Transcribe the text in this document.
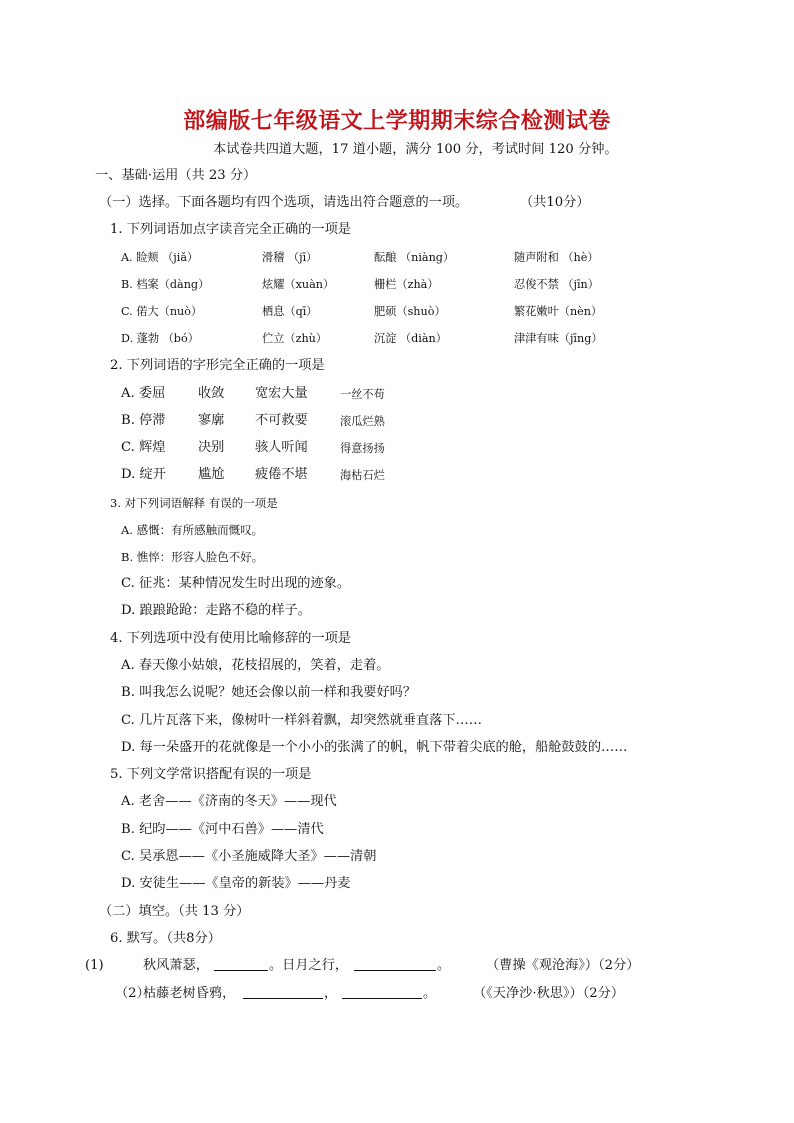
部编版七年级语文上学期期末综合检测试卷
本试卷共四道大题，17 道小题，满分 100 分，考试时间 120 分钟。
一、基础·运用（共 23 分）
（一）选择。下面各题均有四个选项，请选出符合题意的一项。	（共10分）
1. 下列词语加点字读音完全正确的一项是
A. 睑颊 （jiǎ）	滑稽 （jī）	酝酿 （niàng）	随声附和 （hè）
B. 档案（dàng）	炫耀（xuàn）	栅栏（zhà）	忍俊不禁 （jīn）
C. 偌大（nuò）	栖息（qī）	肥硕（shuò）	繁花嫩叶（nèn）
D. 蓬勃 （bó）	伫立（zhù）	沉淀 （diàn）	津津有味（jīng）
2. 下列词语的字形完全正确的一项是
A. 委屈 收敛 宽宏大量	一丝不苟
B. 停滞 寥廓 不可救要	滚瓜烂熟
C. 辉煌 决别 骇人听闻	得意扬扬
D. 绽开 尴尬 疲倦不堪	海枯石烂
3. 对下列词语解释 有误的一项是
A. 感慨：有所感触而慨叹。
B. 憔悴：形容人脸色不好。
C. 征兆：某种情况发生时出现的迹象。
D. 踉踉跄跄：走路不稳的样子。
4. 下列选项中没有使用比喻修辞的一项是
A. 春天像小姑娘，花枝招展的，笑着，走着。
B. 叫我怎么说呢？她还会像以前一样和我要好吗？
C. 几片瓦落下来，像树叶一样斜着飘，却突然就垂直落下……
D. 每一朵盛开的花就像是一个小小的张满了的帆，帆下带着尖底的舱，船舱鼓鼓的……
5. 下列文学常识搭配有误的一项是
A. 老舍——《济南的冬天》——现代
B. 纪昀——《河中石兽》——清代
C. 吴承恩——《小圣施威降大圣》——清朝
D. 安徒生——《皇帝的新装》——丹麦
（二）填空。（共 13 分）
6. 默写。（共8分）
(1)	秋风萧瑟，	。日月之行，	。	（曹操《观沧海》）（2分）
（2）
枯藤老树昏鸦，	，	。	（《天净沙·秋思》）（2分）
